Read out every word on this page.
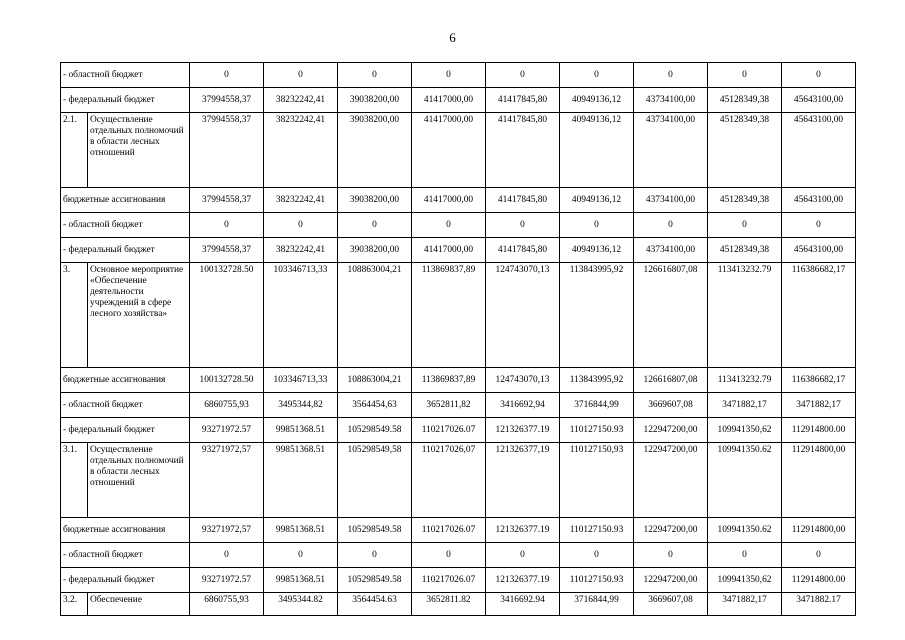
6
- областной бюджет		0	0	0	0	0	0	0	0	0
- федеральный бюджет		37994558,37	38232242,41	39038200,00	41417000,00	41417845,80	40949136,12	43734100,00	45128349,38	45643100,00
2.1.	Осуществление отдельных полномочий в области лесных отношений	37994558,37	38232242,41	39038200,00	41417000,00	41417845,80	40949136,12	43734100,00	45128349,38	45643100,00
бюджетные ассигнования		37994558,37	38232242,41	39038200,00	41417000,00	41417845,80	40949136,12	43734100,00	45128349,38	45643100,00
- областной бюджет		0	0	0	0	0	0	0	0	0
- федеральный бюджет		37994558,37	38232242,41	39038200,00	41417000,00	41417845,80	40949136,12	43734100,00	45128349,38	45643100,00
3.	Основное мероприятие «Обеспечение деятельности учреждений в сфере лесного хозяйства»	100132728.50	103346713,33	108863004,21	113869837,89	124743070,13	113843995,92	126616807,08	113413232.79	116386682,17
бюджетные ассигнования		100132728.50	103346713,33	108863004,21	113869837,89	124743070,13	113843995,92	126616807,08	113413232.79	116386682,17
- областной бюджет		6860755,93	3495344,82	3564454,63	3652811,82	3416692,94	3716844,99	3669607,08	3471882,17	3471882,17
- федеральный бюджет		93271972.57	99851368.51	105298549.58	110217026.07	121326377.19	110127150.93	122947200,00	109941350,62	112914800.00
3.1.	Осуществление отдельных полномочий в области лесных отношений	93271972,57	99851368.51	105298549,58	110217026,07	121326377,19	110127150,93	122947200,00	109941350.62	112914800,00
бюджетные ассигнования		93271972,57	99851368.51	105298549.58	110217026.07	121326377.19	110127150.93	122947200,00	109941350.62	112914800,00
- областной бюджет		0	0	0	0	0	0	0	0	0
- федеральный бюджет		93271972.57	99851368.51	105298549.58	110217026.07	121326377.19	110127150.93	122947200,00	109941350,62	112914800.00
3.2.	Обеспечение	6860755,93	3495344.82	3564454.63	3652811.82	3416692.94	3716844,99	3669607,08	3471882,17	3471882.17
